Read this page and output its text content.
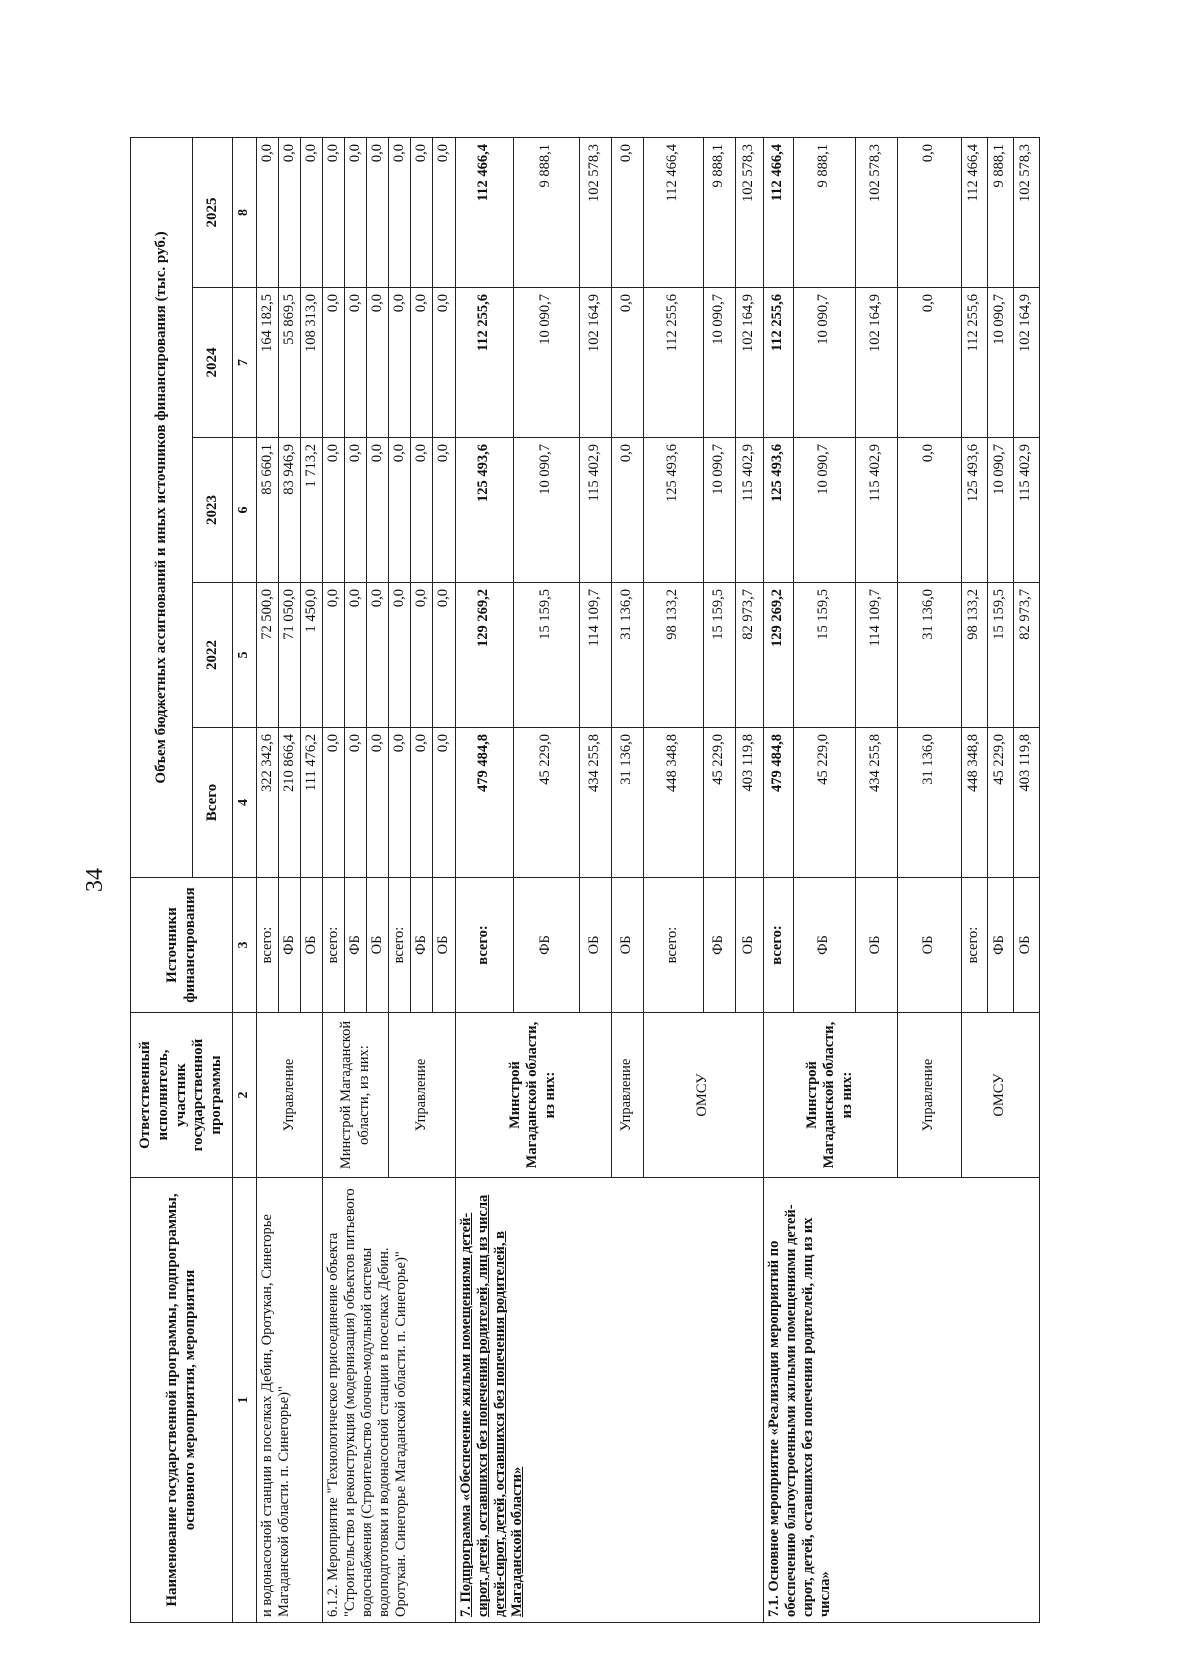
34
Наименование государственной программы, подпрограммы, основного мероприятия, мероприятия	Ответственный исполнитель, участник государственной программы	Источники финансирования	Объем бюджетных ассигнований и иных источников финансирования (тыс. руб.)				
			Всего	2022	2023	2024	2025
1	2	3	4	5	6	7	8
и водонасосной станции в поселках Дебин, Оротукан, Синегорье Магаданской области. п. Синегорье)"	Управление	всего:	322 342,6	72 500,0	85 660,1	164 182,5	0,0
		ФБ	210 866,4	71 050,0	83 946,9	55 869,5	0,0
		ОБ	111 476,2	1 450,0	1 713,2	108 313,0	0,0
6.1.2. Мероприятие "Технологическое присоединение объекта "Строительство и реконструкция (модернизация) объектов питьевого водоснабжения (Строительство блочно-модульной системы водоподготовки и водонасосной станции в поселках Дебин. Оротукан. Синегорье Магаданской области. п. Синегорье)"	Минстрой Магаданской области, из них:	всего:	0,0	0,0	0,0	0,0	0,0
		ФБ	0,0	0,0	0,0	0,0	0,0
		ОБ	0,0	0,0	0,0	0,0	0,0
	Управление	всего:	0,0	0,0	0,0	0,0	0,0
		ФБ	0,0	0,0	0,0	0,0	0,0
		ОБ	0,0	0,0	0,0	0,0	0,0
7. Подпрограмма «Обеспечение жильми помещениями детей-сирот, детей, оставшихся без попечения родителей, лиц из числа детей-сирот, детей, оставшихся без попечения родителей, в Магаданской области»	Минстрой Магаданской области, из них:	всего:	479 484,8	129 269,2	125 493,6	112 255,6	112 466,4
		ФБ	45 229,0	15 159,5	10 090,7	10 090,7	9 888,1
		ОБ	434 255,8	114 109,7	115 402,9	102 164,9	102 578,3
	Управление	ОБ	31 136,0	31 136,0	0,0	0,0	0,0
	ОМСУ	всего:	448 348,8	98 133,2	125 493,6	112 255,6	112 466,4
		ФБ	45 229,0	15 159,5	10 090,7	10 090,7	9 888,1
		ОБ	403 119,8	82 973,7	115 402,9	102 164,9	102 578,3
7.1. Основное мероприятие «Реализация мероприятий по обеспечению благоустроенными жилыми помещениями детей-сирот, детей, оставшихся без попечения родителей, лиц из их числа»	Минстрой Магаданской области, из них:	всего:	479 484,8	129 269,2	125 493,6	112 255,6	112 466,4
		ФБ	45 229,0	15 159,5	10 090,7	10 090,7	9 888,1
		ОБ	434 255,8	114 109,7	115 402,9	102 164,9	102 578,3
	Управление	ОБ	31 136,0	31 136,0	0,0	0,0	0,0
	ОМСУ	всего:	448 348,8	98 133,2	125 493,6	112 255,6	112 466,4
		ФБ	45 229,0	15 159,5	10 090,7	10 090,7	9 888,1
		ОБ	403 119,8	82 973,7	115 402,9	102 164,9	102 578,3
